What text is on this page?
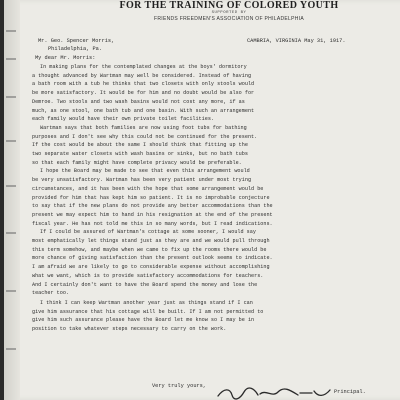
FOR THE TRAINING OF COLORED YOUTH
SUPPORTED BY
FRIENDS FREEDMEN'S ASSOCIATION OF PHILADELPHIA
Mr. Geo. Spencer Morris,
Philadelphia, Pa.
CAMBRIA, VIRGINIA May 31, 1917.
My dear Mr. Morris:
In making plans for the contemplated changes at the boys' dormitory
a thought advanced by Wartman may well be considered. Instead of having
a bath room with a tub he thinks that two closets with only stools would
be more satisfactory. It would be for him and no doubt would be also for
Demroe. Two stools and two wash basins would not cost any more, if as
much, as one stool, one bath tub and one basin. With such an arrangement
each family would have their own private toilet facilities.
Wartman says that both families are now using foot tubs for bathing
purposes and I don't see why this could not be continued for the present.
If the cost would be about the same I should think that fitting up the
two separate water closets with wash basins or sinks, but no bath tubs
so that each family might have complete privacy would be preferable.
I hope the Board may be made to see that even this arrangement would
be very unsatisfactory. Wartman has been very patient under most trying
circumstances, and it has been with the hope that some arrangement would be
provided for him that has kept him so patient. It is no improbable conjecture
to say that if the new plans do not provide any better accommodations than the
present we may expect him to hand in his resignation at the end of the present
fiscal year. He has not told me this in so many words, but I read indications.
If I could be assured of Wartman's cottage at some sooner, I would say
most emphatically let things stand just as they are and we would pull through
this term somehow, and maybe when we came to fix up the rooms there would be
more chance of giving satisfaction than the present outlook seems to indicate.
I am afraid we are likely to go to considerable expense without accomplishing
what we want, which is to provide satisfactory accommodations for teachers.
And I certainly don't want to have the Board spend the money and lose the
teacher too.
I think I can keep Wartman another year just as things stand if I can
give him assurance that his cottage will be built. If I am not permitted to
give him such assurance please have the Board let me know so I may be in
position to take whatever steps necessary to carry on the work.
Very truly yours,
Principal.
